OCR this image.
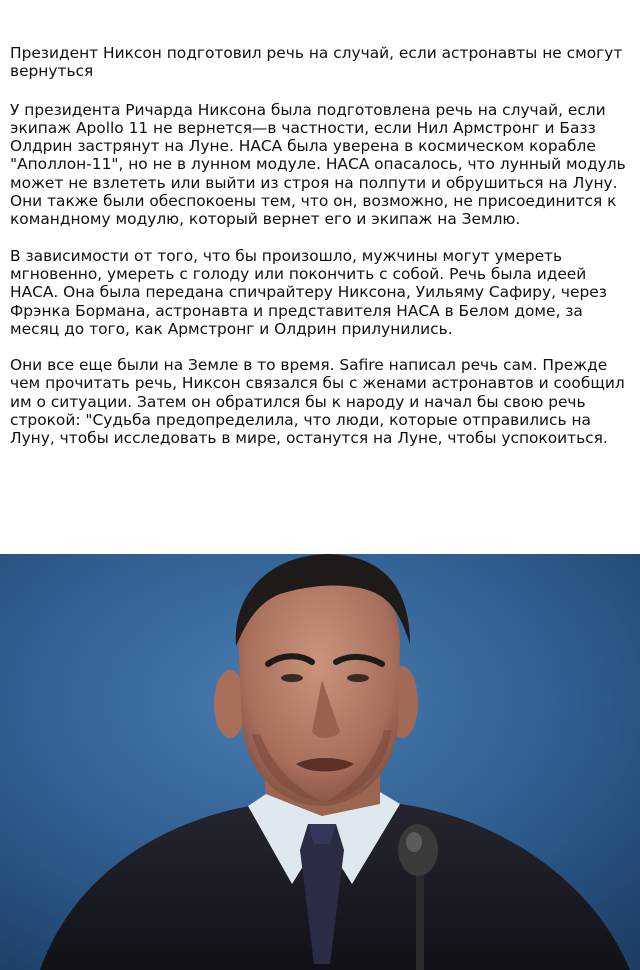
Президент Никсон подготовил речь на случай, если астронавты не смогут вернуться

У президента Ричарда Никсона была подготовлена речь на случай, если экипаж Apollo 11 не вернется—в частности, если Нил Армстронг и Базз Олдрин застрянут на Луне. НАСА была уверена в космическом корабле "Аполлон-11", но не в лунном модуле. НАСА опасалось, что лунный модуль может не взлететь или выйти из строя на полпути и обрушиться на Луну. Они также были обеспокоены тем, что он, возможно, не присоединится к командному модулю, который вернет его и экипаж на Землю.

В зависимости от того, что бы произошло, мужчины могут умереть мгновенно, умереть с голоду или покончить с собой. Речь была идеей НАСА. Она была передана спичрайтеру Никсона, Уильяму Сафиру, через Фрэнка Бормана, астронавта и представителя НАСА в Белом доме, за месяц до того, как Армстронг и Олдрин прилунились.

Они все еще были на Земле в то время. Safire написал речь сам. Прежде чем прочитать речь, Никсон связался бы с женами астронавтов и сообщил им о ситуации. Затем он обратился бы к народу и начал бы свою речь строкой: "Судьба предопределила, что люди, которые отправились на Луну, чтобы исследовать в мире, останутся на Луне, чтобы успокоиться.
